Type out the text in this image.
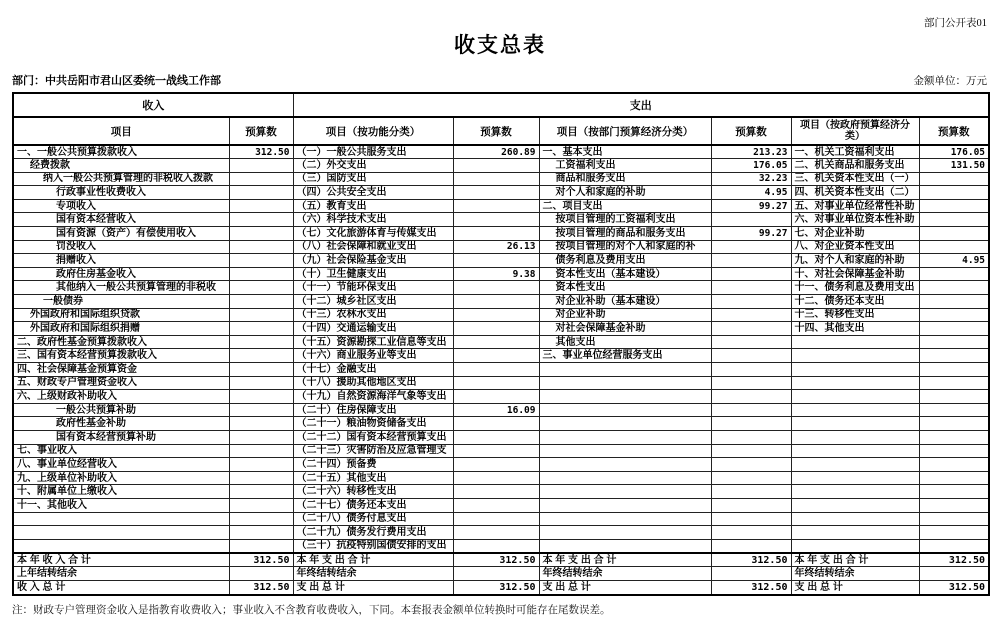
部门公开表01
收支总表
部门：中共岳阳市君山区委统一战线工作部	金额单位：万元
收入		支出					
项目	预算数	项目（按功能分类）	预算数	项目（按部门预算经济分类）	预算数	项目（按政府预算经济分类）	预算数
一、一般公共预算拨款收入	312.50	（一）一般公共服务支出	260.89	一、基本支出	213.23	一、机关工资福利支出	176.05
经费拨款		（二）外交支出		工资福利支出	176.05	二、机关商品和服务支出	131.50
纳入一般公共预算管理的非税收入拨款		（三）国防支出		商品和服务支出	32.23	三、机关资本性支出（一）	
行政事业性收费收入		（四）公共安全支出		对个人和家庭的补助	4.95	四、机关资本性支出（二）	
专项收入		（五）教育支出		二、项目支出	99.27	五、对事业单位经常性补助	
国有资本经营收入		（六）科学技术支出		按项目管理的工资福利支出		六、对事业单位资本性补助	
国有资源（资产）有偿使用收入		（七）文化旅游体育与传媒支出		按项目管理的商品和服务支出	99.27	七、对企业补助	
罚没收入		（八）社会保障和就业支出	26.13	按项目管理的对个人和家庭的补		八、对企业资本性支出	
捐赠收入		（九）社会保险基金支出		债务利息及费用支出		九、对个人和家庭的补助	4.95
政府住房基金收入		（十）卫生健康支出	9.38	资本性支出（基本建设）		十、对社会保障基金补助	
其他纳入一般公共预算管理的非税收		（十一）节能环保支出		资本性支出		十一、债务利息及费用支出	
一般债券		（十二）城乡社区支出		对企业补助（基本建设）		十二、债务还本支出	
外国政府和国际组织贷款		（十三）农林水支出		对企业补助		十三、转移性支出	
外国政府和国际组织捐赠		（十四）交通运输支出		对社会保障基金补助		十四、其他支出	
二、政府性基金预算拨款收入		（十五）资源勘探工业信息等支出		其他支出			
三、国有资本经营预算拨款收入		（十六）商业服务业等支出		三、事业单位经营服务支出			
四、社会保障基金预算资金		（十七）金融支出					
五、财政专户管理资金收入		（十八）援助其他地区支出					
六、上级财政补助收入		（十九）自然资源海洋气象等支出					
一般公共预算补助		（二十）住房保障支出	16.09				
政府性基金补助		（二十一）粮油物资储备支出					
国有资本经营预算补助		（二十二）国有资本经营预算支出					
七、事业收入		（二十三）灾害防治及应急管理支					
八、事业单位经营收入		（二十四）预备费					
九、上级单位补助收入		（二十五）其他支出					
十、附属单位上缴收入		（二十六）转移性支出					
十一、其他收入		（二十七）债务还本支出					
		（二十八）债务付息支出					
		（二十九）债务发行费用支出					
		（三十）抗疫特别国债安排的支出					
本 年 收 入 合 计	312.50	本 年 支 出 合 计	312.50	本 年 支 出 合 计	312.50	本 年 支 出 合 计	312.50
上年结转结余		年终结转结余		年终结转结余		年终结转结余	
收 入 总 计	312.50	支 出 总 计	312.50	支 出 总 计	312.50	支 出 总 计	312.50
注：财政专户管理资金收入是指教育收费收入；事业收入不含教育收费收入，下同。本套报表金额单位转换时可能存在尾数误差。
